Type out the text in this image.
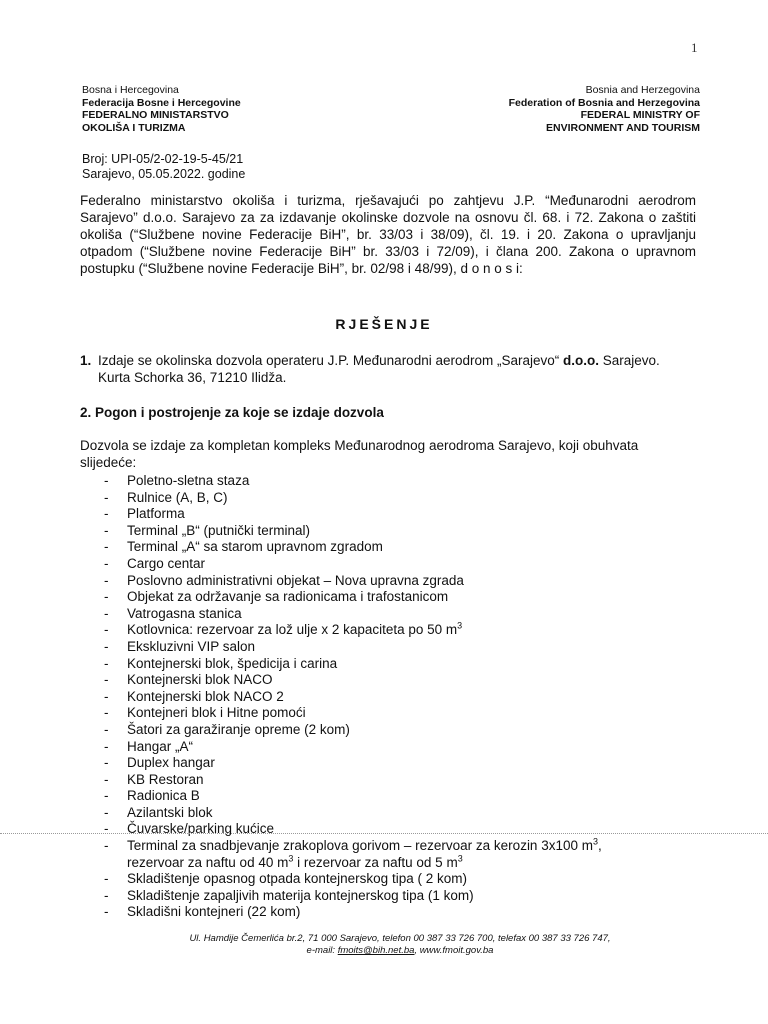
1
Bosna i Hercegovina
Federacija Bosne i Hercegovine
FEDERALNO MINISTARSTVO
OKOLIŠA I TURIZMA
Bosnia and Herzegovina
Federation of Bosnia and Herzegovina
FEDERAL MINISTRY OF
ENVIRONMENT AND TOURISM
Broj: UPI-05/2-02-19-5-45/21
Sarajevo, 05.05.2022. godine
Federalno ministarstvo okoliša i turizma, rješavajući po zahtjevu J.P. “Međunarodni aerodrom Sarajevo” d.o.o. Sarajevo za za izdavanje okolinske dozvole na osnovu čl. 68. i 72. Zakona o zaštiti okoliša (“Službene novine Federacije BiH”, br. 33/03 i 38/09), čl. 19. i 20. Zakona o upravljanju otpadom (“Službene novine Federacije BiH” br. 33/03 i 72/09), i člana 200. Zakona o upravnom postupku (“Službene novine Federacije BiH”, br. 02/98 i 48/99), d o n o s i:
RJEŠENJE
1. Izdaje se okolinska dozvola operateru J.P. Međunarodni aerodrom „Sarajevo“ d.o.o. Sarajevo. Kurta Schorka 36, 71210 Ilidža.
2. Pogon i postrojenje za koje se izdaje dozvola
Dozvola se izdaje za kompletan kompleks Međunarodnog aerodroma Sarajevo, koji obuhvata slijedeće:
- Poletno-sletna staza
- Rulnice (A, B, C)
- Platforma
- Terminal „B“ (putnički terminal)
- Terminal „A“ sa starom upravnom zgradom
- Cargo centar
- Poslovno administrativni objekat – Nova upravna zgrada
- Objekat za održavanje sa radionicama i trafostanicom
- Vatrogasna stanica
- Kotlovnica: rezervoar za lož ulje x 2 kapaciteta po 50 $m^3$
- Ekskluzivni VIP salon
- Kontejnerski blok, špedicija i carina
- Kontejnerski blok NACO
- Kontejnerski blok NACO 2
- Kontejneri blok i Hitne pomoći
- Šatori za garažiranje opreme (2 kom)
- Hangar „A“
- Duplex hangar
- KB Restoran
- Radionica B
- Azilantski blok
- Čuvarske/parking kućice
- Terminal za snadbjevanje zrakoplova gorivom – rezervoar za kerozin 3x100 $m^3$,
rezervoar za naftu od 40 $m^3$ i rezervoar za naftu od 5 $m^3$
- Skladištenje opasnog otpada kontejnerskog tipa ( 2 kom)
- Skladištenje zapaljivih materija kontejnerskog tipa (1 kom)
- Skladišni kontejneri (22 kom)
Ul. Hamdije Čemerlića br.2, 71 000 Sarajevo, telefon 00 387 33 726 700, telefax 00 387 33 726 747,
e-mail: fmoits@bih.net.ba, www.fmoit.gov.ba
